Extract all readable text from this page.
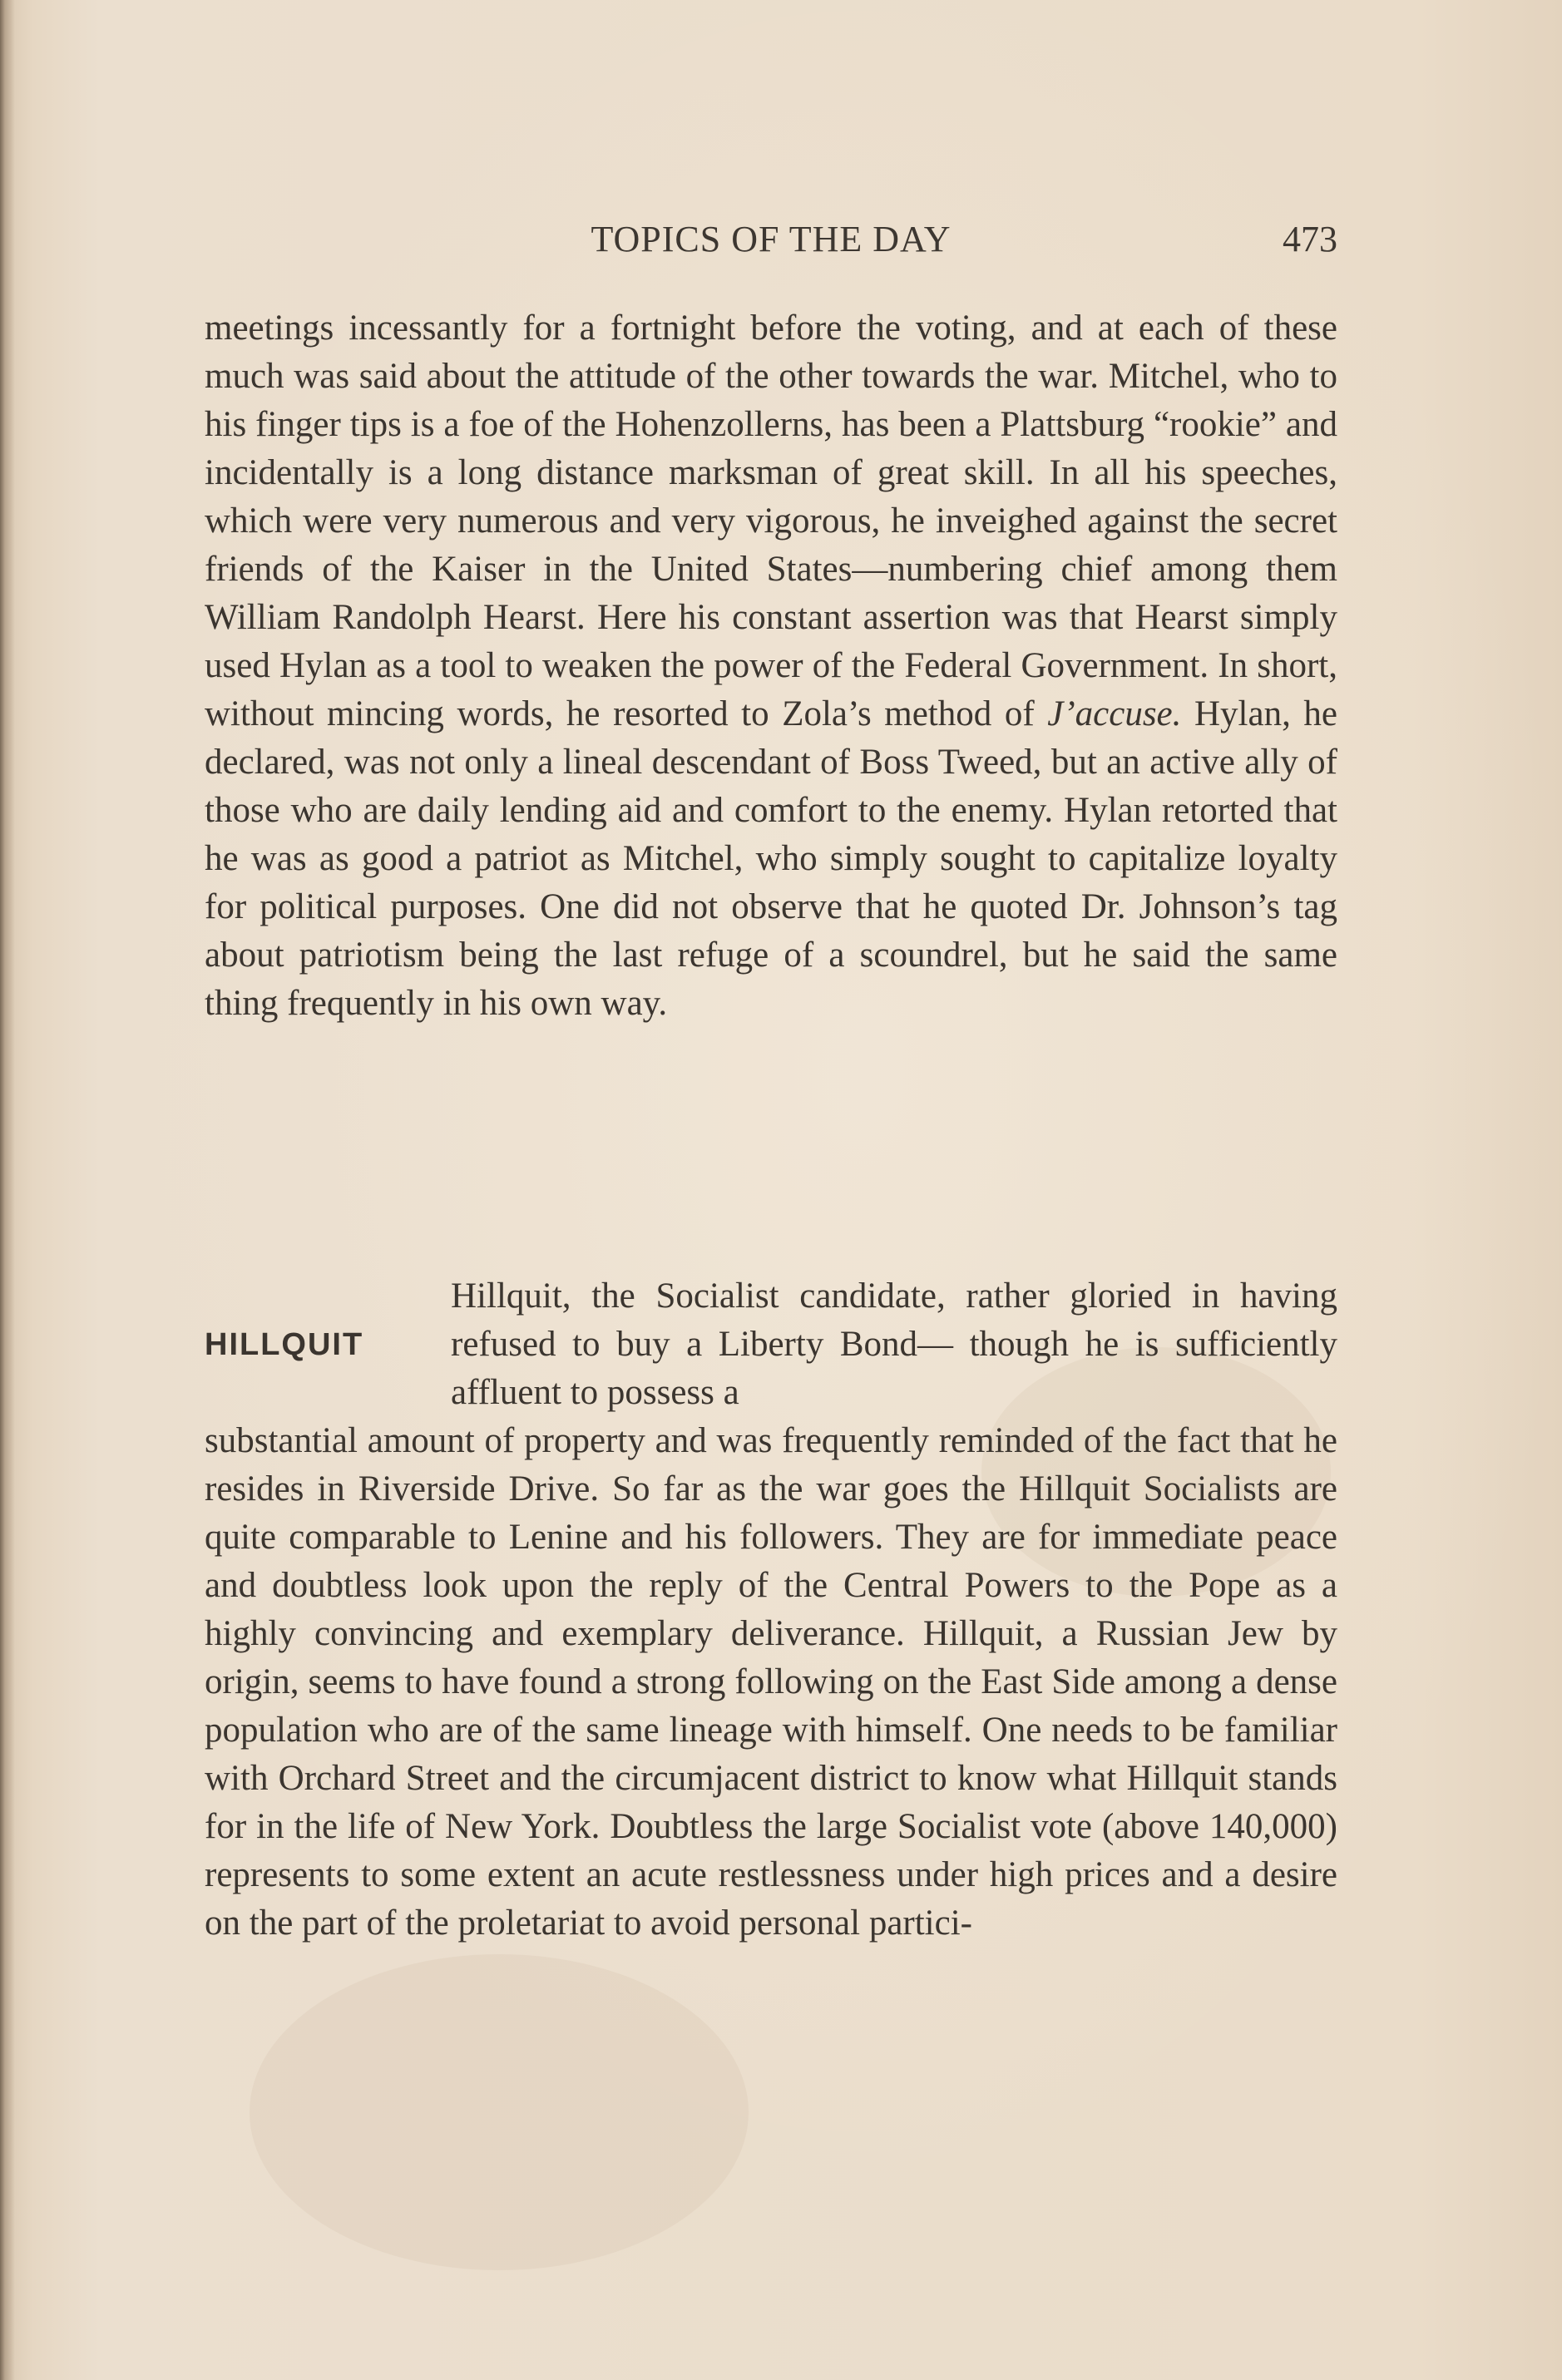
TOPICS OF THE DAY	473
meetings incessantly for a fortnight before the voting, and at each of these much was said about the attitude of the other towards the war. Mitchel, who to his finger tips is a foe of the Hohenzollerns, has been a Plattsburg “rookie” and incidentally is a long distance marksman of great skill. In all his speeches, which were very numerous and very vigorous, he inveighed against the secret friends of the Kaiser in the United States—numbering chief among them William Randolph Hearst. Here his constant assertion was that Hearst simply used Hylan as a tool to weaken the power of the Federal Government. In short, without mincing words, he resorted to Zola’s method of J’accuse. Hylan, he declared, was not only a lineal descendant of Boss Tweed, but an active ally of those who are daily lending aid and comfort to the enemy. Hylan retorted that he was as good a patriot as Mitchel, who simply sought to capitalize loyalty for political purposes. One did not observe that he quoted Dr. Johnson’s tag about patriotism being the last refuge of a scoundrel, but he said the same thing frequently in his own way.
HILLQUIT
Hillquit, the Socialist candidate, rather gloried in having refused to buy a Liberty Bond— though he is sufficiently affluent to possess a
substantial amount of property and was frequently reminded of the fact that he resides in Riverside Drive. So far as the war goes the Hillquit Socialists are quite comparable to Lenine and his followers. They are for immediate peace and doubtless look upon the reply of the Central Powers to the Pope as a highly convincing and exemplary deliverance. Hillquit, a Russian Jew by origin, seems to have found a strong following on the East Side among a dense population who are of the same lineage with himself. One needs to be familiar with Orchard Street and the circumjacent district to know what Hillquit stands for in the life of New York. Doubtless the large Socialist vote (above 140,000) represents to some extent an acute restlessness under high prices and a desire on the part of the proletariat to avoid personal partici-
